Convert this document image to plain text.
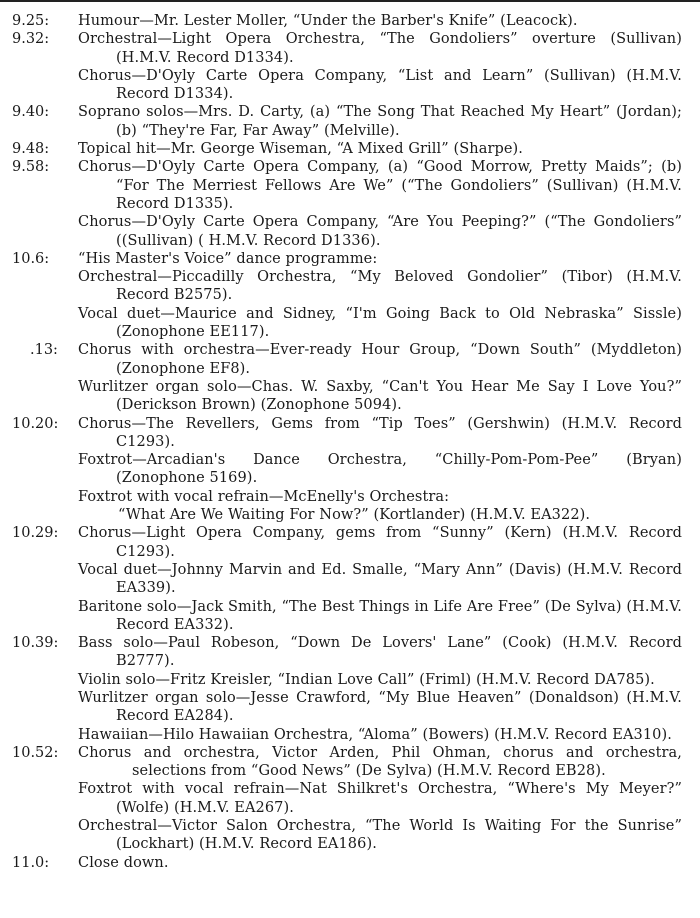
9.25:	Humour—Mr. Lester Moller, “Under the Barber's Knife” (Leacock).
9.32:	Orchestral—Light Opera Orchestra, “The Gondoliers” overture (Sullivan) (H.M.V. Record D1334).
Chorus—D'Oyly Carte Opera Company, “List and Learn” (Sullivan) (H.M.V. Record D1334).
9.40:	Soprano solos—Mrs. D. Carty, (a) “The Song That Reached My Heart” (Jordan); (b) “They're Far, Far Away” (Melville).
9.48:	Topical hit—Mr. George Wiseman, “A Mixed Grill” (Sharpe).
9.58:	Chorus—D'Oyly Carte Opera Company, (a) “Good Morrow, Pretty Maids”; (b) “For The Merriest Fellows Are We” (“The Gondoliers” (Sullivan) (H.M.V. Record D1335).
Chorus—D'Oyly Carte Opera Company, “Are You Peeping?” (“The Gondoliers” ((Sullivan) ( H.M.V. Record D1336).
10.6:	“His Master's Voice” dance programme:
Orchestral—Piccadilly Orchestra, “My Beloved Gondolier” (Tibor) (H.M.V. Record B2575).
Vocal duet—Maurice and Sidney, “I'm Going Back to Old Nebraska” Sissle) (Zonophone EE117).
.13:	Chorus with orchestra—Ever-ready Hour Group, “Down South” (Myddleton) (Zonophone EF8).
Wurlitzer organ solo—Chas. W. Saxby, “Can't You Hear Me Say I Love You?” (Derickson Brown) (Zonophone 5094).
10.20:	Chorus—The Revellers, Gems from “Tip Toes” (Gershwin) (H.M.V. Record C1293).
Foxtrot—Arcadian's Dance Orchestra, “Chilly-Pom-Pom-Pee” (Bryan) (Zonophone 5169).
Foxtrot with vocal refrain—McEnelly's Orchestra:
“What Are We Waiting For Now?” (Kortlander) (H.M.V. EA322).
10.29:	Chorus—Light Opera Company, gems from “Sunny” (Kern) (H.M.V. Record C1293).
Vocal duet—Johnny Marvin and Ed. Smalle, “Mary Ann” (Davis) (H.M.V. Record EA339).
Baritone solo—Jack Smith, “The Best Things in Life Are Free” (De Sylva) (H.M.V. Record EA332).
10.39:	Bass solo—Paul Robeson, “Down De Lovers' Lane” (Cook) (H.M.V. Record B2777).
Violin solo—Fritz Kreisler, “Indian Love Call” (Friml) (H.M.V. Record DA785).
Wurlitzer organ solo—Jesse Crawford, “My Blue Heaven” (Donaldson) (H.M.V. Record EA284).
Hawaiian—Hilo Hawaiian Orchestra, “Aloma” (Bowers) (H.M.V. Record EA310).
10.52:	Chorus and orchestra, Victor Arden, Phil Ohman, chorus and orchestra, selections from “Good News” (De Sylva) (H.M.V. Record EB28).
Foxtrot with vocal refrain—Nat Shilkret's Orchestra, “Where's My Meyer?” (Wolfe) (H.M.V. EA267).
Orchestral—Victor Salon Orchestra, “The World Is Waiting For the Sunrise” (Lockhart) (H.M.V. Record EA186).
11.0:	Close down.
